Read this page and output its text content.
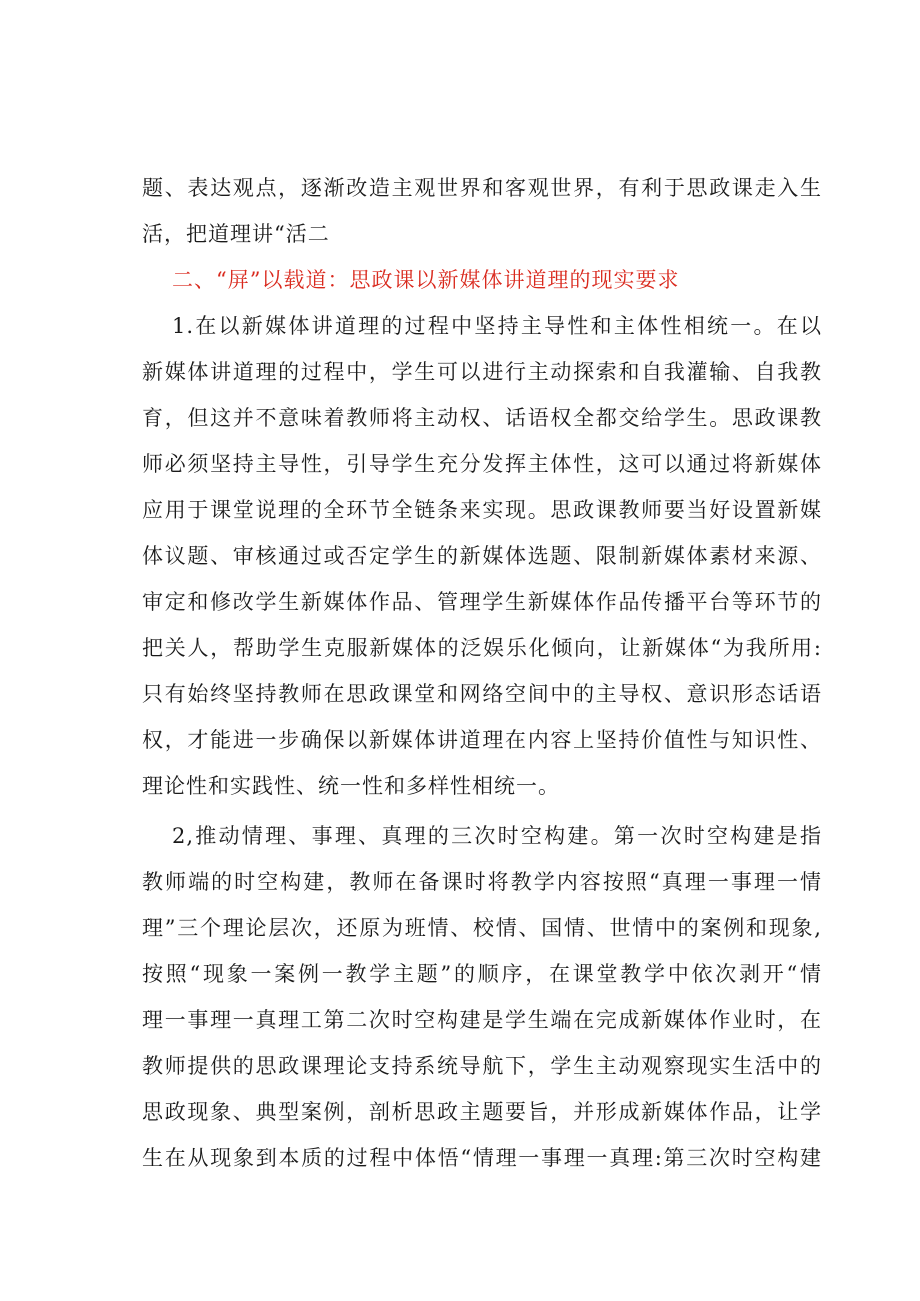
题、表达观点，逐渐改造主观世界和客观世界，有利于思政课走入生
活，把道理讲“活二
二、“屏”以载道：思政课以新媒体讲道理的现实要求
1.在以新媒体讲道理的过程中坚持主导性和主体性相统一。在以
新媒体讲道理的过程中，学生可以进行主动探索和自我灌输、自我教
育，但这并不意味着教师将主动权、话语权全都交给学生。思政课教
师必须坚持主导性，引导学生充分发挥主体性，这可以通过将新媒体
应用于课堂说理的全环节全链条来实现。思政课教师要当好设置新媒
体议题、审核通过或否定学生的新媒体选题、限制新媒体素材来源、
审定和修改学生新媒体作品、管理学生新媒体作品传播平台等环节的
把关人，帮助学生克服新媒体的泛娱乐化倾向，让新媒体“为我所用:
只有始终坚持教师在思政课堂和网络空间中的主导权、意识形态话语
权，才能进一步确保以新媒体讲道理在内容上坚持价值性与知识性、
理论性和实践性、统一性和多样性相统一。
2,推动情理、事理、真理的三次时空构建。第一次时空构建是指
教师端的时空构建，教师在备课时将教学内容按照“真理一事理一情
理”三个理论层次，还原为班情、校情、国情、世情中的案例和现象,
按照“现象一案例一教学主题”的顺序，在课堂教学中依次剥开“情
理一事理一真理工第二次时空构建是学生端在完成新媒体作业时，在
教师提供的思政课理论支持系统导航下，学生主动观察现实生活中的
思政现象、典型案例，剖析思政主题要旨，并形成新媒体作品，让学
生在从现象到本质的过程中体悟“情理一事理一真理:第三次时空构建
